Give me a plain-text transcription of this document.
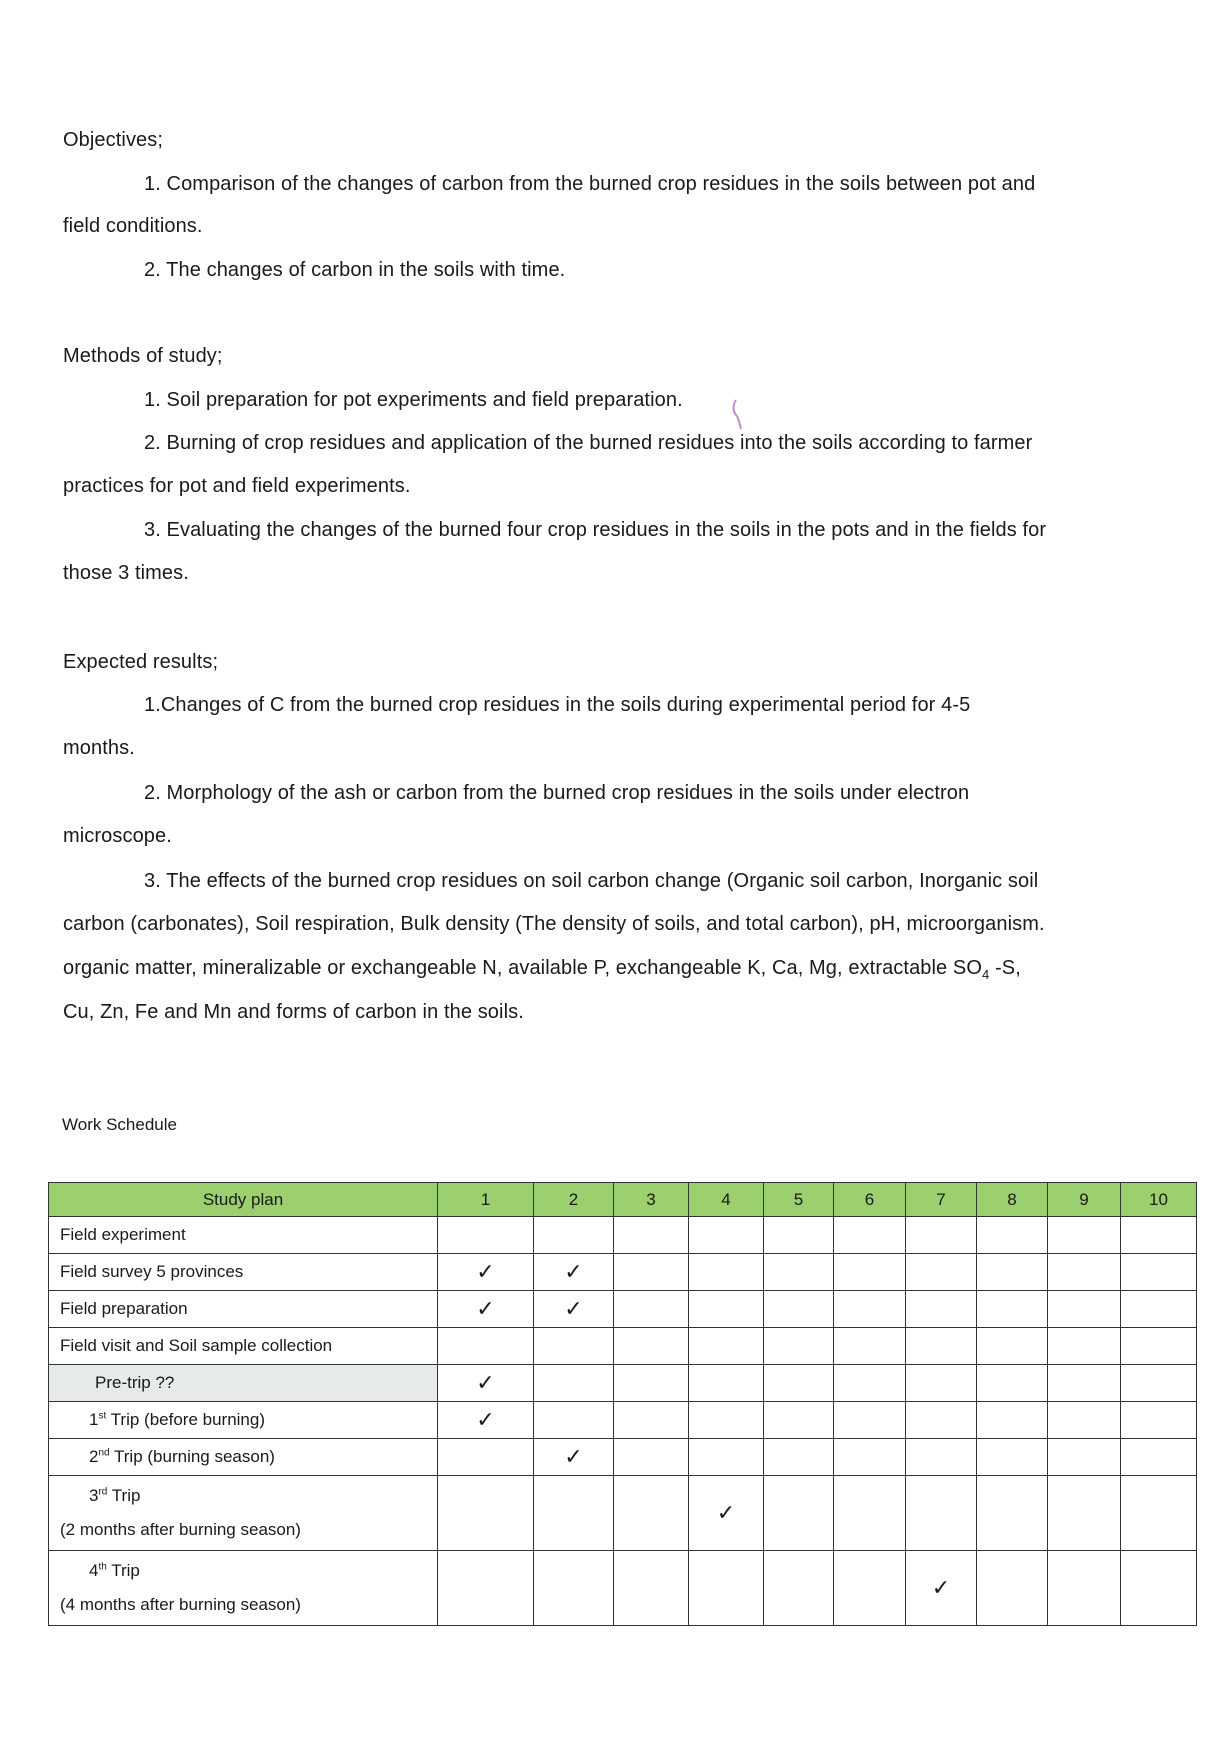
Objectives;
1. Comparison of the changes of carbon from the burned crop residues in the soils between pot and
field conditions.
2. The changes of carbon in the soils with time.
Methods of study;
1. Soil preparation for pot experiments and field preparation.
2. Burning of crop residues and application of the burned residues into the soils according to farmer
practices for pot and field experiments.
3. Evaluating the changes of the burned four crop residues in the soils in the pots and in the fields for
those 3 times.
Expected results;
1.Changes of C from the burned crop residues in the soils during experimental period for 4-5
months.
2. Morphology of the ash or carbon from the burned crop residues in the soils under electron
microscope.
3. The effects of the burned crop residues on soil carbon change (Organic soil carbon, Inorganic soil
carbon (carbonates), Soil respiration, Bulk density (The density of soils, and total carbon), pH, microorganism.
organic matter, mineralizable or exchangeable N, available P, exchangeable K, Ca, Mg, extractable $SO_4$ -S,
Cu, Zn, Fe and Mn and forms of carbon in the soils.
Work Schedule
Study plan	1	2	3	4	5	6	7	8	9	10
Field experiment										
Field survey 5 provinces	✓	✓								
Field preparation	✓	✓								
Field visit and Soil sample collection										
Pre-trip ??	✓									
1st Trip (before burning)	✓									
2nd Trip (burning season)		✓								

3rd Trip
(2 months after burning season)				✓						

4th Trip
(4 months after burning season)							✓			
